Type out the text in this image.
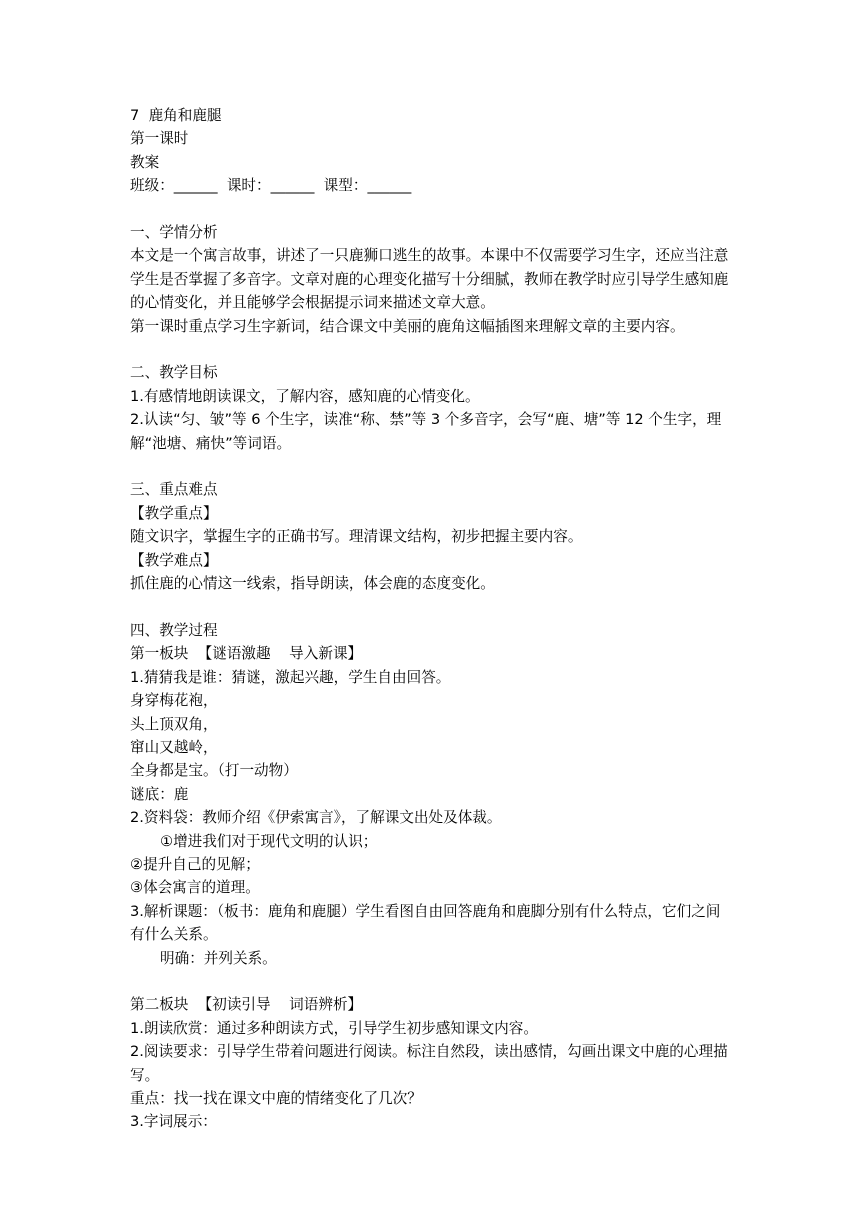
7  鹿角和鹿腿
第一课时
教案
班级：______  课时：______  课型：______
一、学情分析
本文是一个寓言故事，讲述了一只鹿狮口逃生的故事。本课中不仅需要学习生字，还应当注意学生是否掌握了多音字。文章对鹿的心理变化描写十分细腻，教师在教学时应引导学生感知鹿的心情变化，并且能够学会根据提示词来描述文章大意。
第一课时重点学习生字新词，结合课文中美丽的鹿角这幅插图来理解文章的主要内容。
二、教学目标
1.有感情地朗读课文，了解内容，感知鹿的心情变化。
2.认读“匀、皱”等 6 个生字，读准“称、禁”等 3 个多音字，会写“鹿、塘”等 12 个生字，理解“池塘、痛快”等词语。
三、重点难点
【教学重点】
随文识字，掌握生字的正确书写。理清课文结构，初步把握主要内容。
【教学难点】
抓住鹿的心情这一线索，指导朗读，体会鹿的态度变化。
四、教学过程
第一板块  【谜语激趣    导入新课】
1.猜猜我是谁：猜谜，激起兴趣，学生自由回答。
身穿梅花袍，
头上顶双角，
窜山又越岭，
全身都是宝。（打一动物）
谜底：鹿
2.资料袋：教师介绍《伊索寓言》，了解课文出处及体裁。
①增进我们对于现代文明的认识；
②提升自己的见解；
③体会寓言的道理。
3.解析课题：（板书：鹿角和鹿腿）学生看图自由回答鹿角和鹿脚分别有什么特点，它们之间有什么关系。
明确：并列关系。
第二板块  【初读引导    词语辨析】
1.朗读欣赏：通过多种朗读方式，引导学生初步感知课文内容。
2.阅读要求：引导学生带着问题进行阅读。标注自然段，读出感情，勾画出课文中鹿的心理描写。
重点：找一找在课文中鹿的情绪变化了几次？
3.字词展示：
